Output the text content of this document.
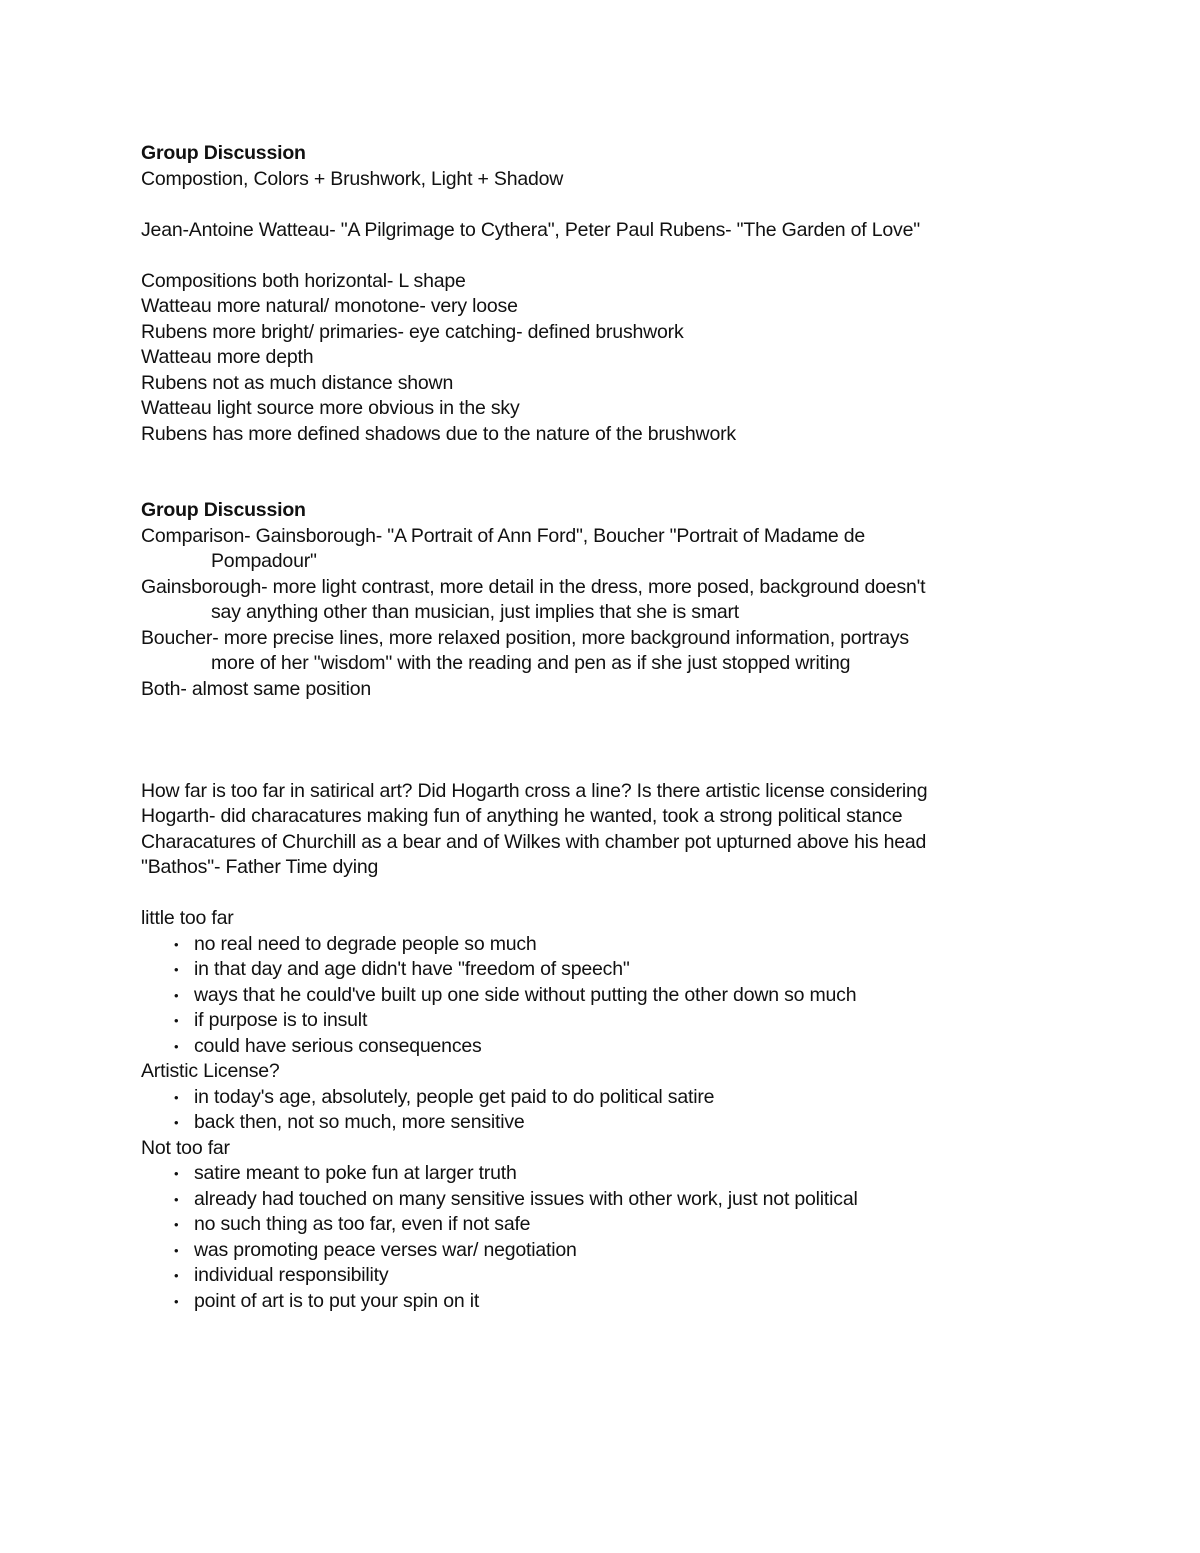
Group Discussion

Compostion, Colors + Brushwork, Light + Shadow

Jean-Antoine Watteau- "A Pilgrimage to Cythera", Peter Paul Rubens- "The Garden of Love"

Compositions both horizontal- L shape

Watteau more natural/ monotone- very loose

Rubens more bright/ primaries- eye catching- defined brushwork

Watteau more depth

Rubens not as much distance shown

Watteau light source more obvious in the sky

Rubens has more defined shadows due to the nature of the brushwork

Group Discussion

Comparison- Gainsborough- "A Portrait of Ann Ford", Boucher "Portrait of Madame de

Pompadour"

Gainsborough- more light contrast, more detail in the dress, more posed, background doesn't

say anything other than musician, just implies that she is smart

Boucher- more precise lines, more relaxed position, more background information, portrays

more of her "wisdom" with the reading and pen as if she just stopped writing

Both- almost same position

How far is too far in satirical art? Did Hogarth cross a line? Is there artistic license considering

Hogarth- did characatures making fun of anything he wanted, took a strong political stance

Characatures of Churchill as a bear and of Wilkes with chamber pot upturned above his head

"Bathos"- Father Time dying

little too far

• no real need to degrade people so much
• in that day and age didn't have "freedom of speech"
• ways that he could've built up one side without putting the other down so much
• if purpose is to insult
• could have serious consequences

Artistic License?

• in today's age, absolutely, people get paid to do political satire
• back then, not so much, more sensitive

Not too far

• satire meant to poke fun at larger truth
• already had touched on many sensitive issues with other work, just not political
• no such thing as too far, even if not safe
• was promoting peace verses war/ negotiation
• individual responsibility
• point of art is to put your spin on it
